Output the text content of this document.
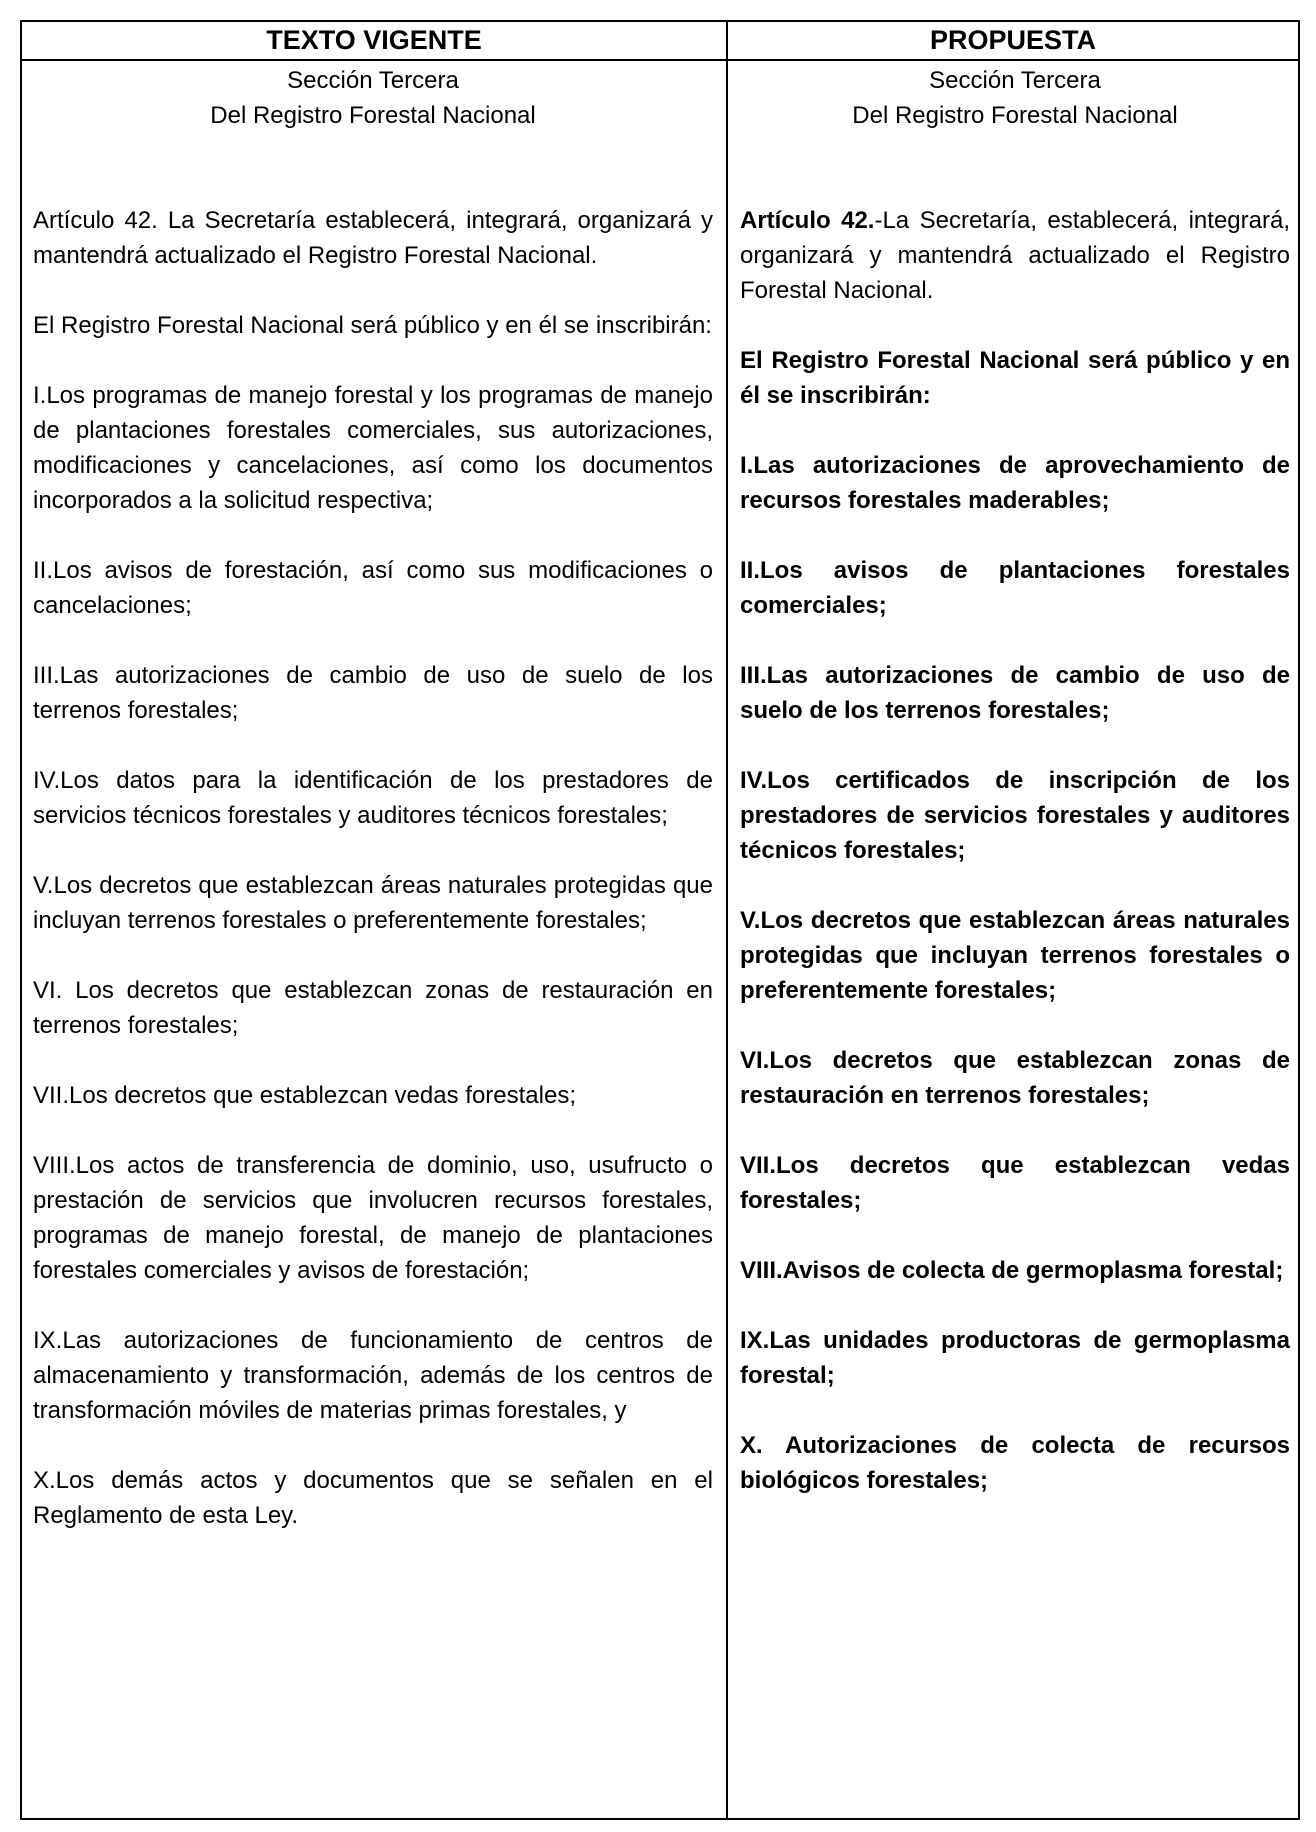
TEXTO VIGENTE	PROPUESTA
Sección Tercera
Del Registro Forestal Nacional

Artículo 42. La Secretaría establecerá, integrará, organizará y mantendrá actualizado el Registro Forestal Nacional.

El Registro Forestal Nacional será público y en él se inscribirán:

I.Los programas de manejo forestal y los programas de manejo de plantaciones forestales comerciales, sus autorizaciones, modificaciones y cancelaciones, así como los documentos incorporados a la solicitud respectiva;

II.Los avisos de forestación, así como sus modificaciones o cancelaciones;

III.Las autorizaciones de cambio de uso de suelo de los terrenos forestales;

IV.Los datos para la identificación de los prestadores de servicios técnicos forestales y auditores técnicos forestales;

V.Los decretos que establezcan áreas naturales protegidas que incluyan terrenos forestales o preferentemente forestales;

VI. Los decretos que establezcan zonas de restauración en terrenos forestales;

VII.Los decretos que establezcan vedas forestales;

VIII.Los actos de transferencia de dominio, uso, usufructo o prestación de servicios que involucren recursos forestales, programas de manejo forestal, de manejo de plantaciones forestales comerciales y avisos de forestación;

IX.Las autorizaciones de funcionamiento de centros de almacenamiento y transformación, además de los centros de transformación móviles de materias primas forestales, y

X.Los demás actos y documentos que se señalen en el Reglamento de esta Ley.

Sección Tercera
Del Registro Forestal Nacional

Artículo 42.-La Secretaría, establecerá, integrará, organizará y mantendrá actualizado el Registro Forestal Nacional.

El Registro Forestal Nacional será público y en él se inscribirán:

I.Las autorizaciones de aprovechamiento de recursos forestales maderables;

II.Los avisos de plantaciones forestales comerciales;

III.Las autorizaciones de cambio de uso de suelo de los terrenos forestales;

IV.Los certificados de inscripción de los prestadores de servicios forestales y auditores técnicos forestales;

V.Los decretos que establezcan áreas naturales protegidas que incluyan terrenos forestales o preferentemente forestales;

VI.Los decretos que establezcan zonas de restauración en terrenos forestales;

VII.Los decretos que establezcan vedas forestales;

VIII.Avisos de colecta de germoplasma forestal;

IX.Las unidades productoras de germoplasma forestal;

X. Autorizaciones de colecta de recursos biológicos forestales;
